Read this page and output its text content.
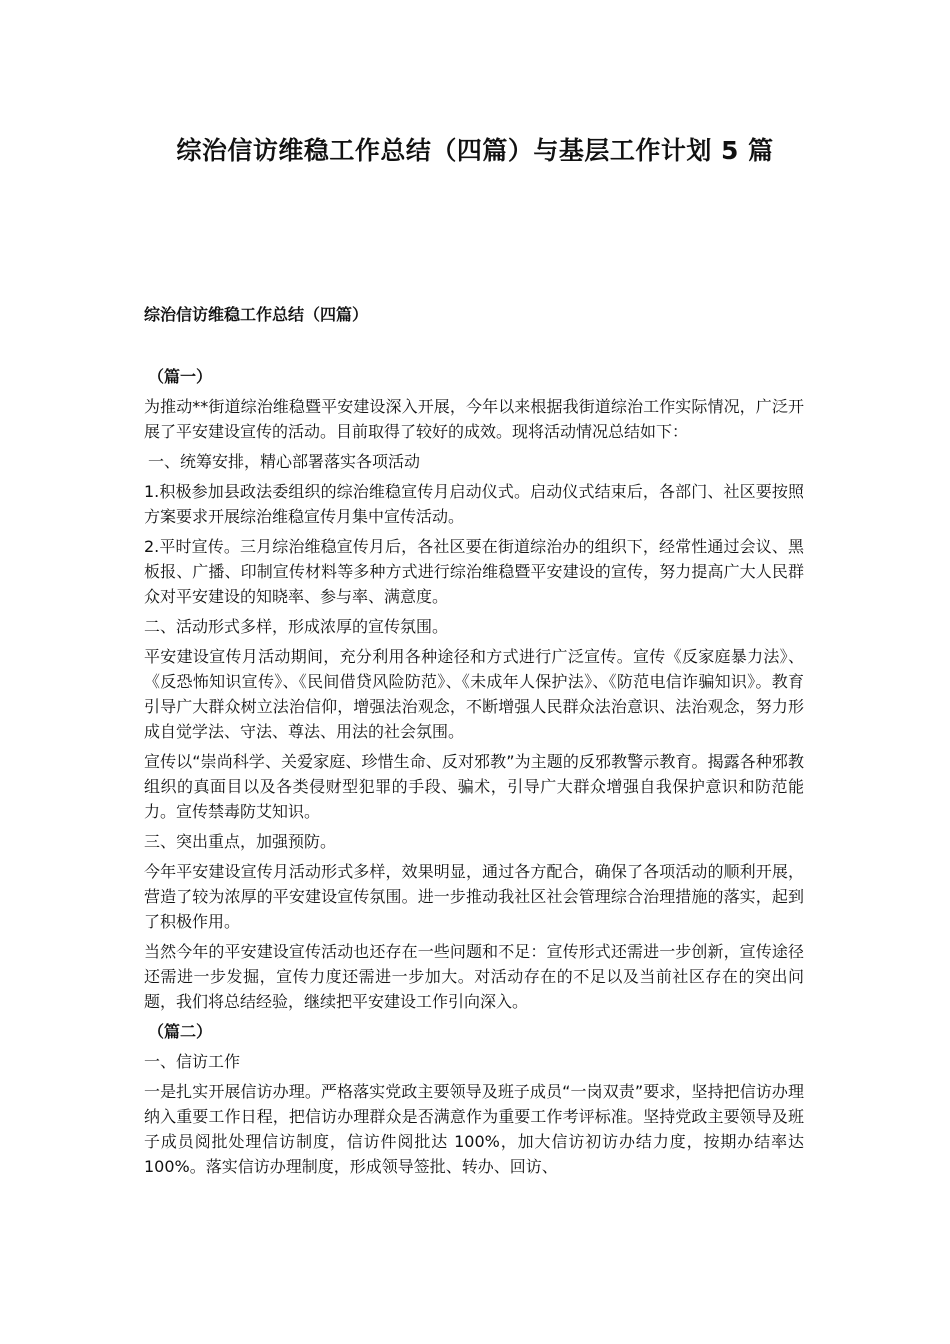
综治信访维稳工作总结（四篇）与基层工作计划 5 篇

综治信访维稳工作总结（四篇）

（篇一）

为推动**街道综治维稳暨平安建设深入开展，今年以来根据我街道综治工作实际情况，广泛开展了平安建设宣传的活动。目前取得了较好的成效。现将活动情况总结如下：

一、统筹安排，精心部署落实各项活动

1.积极参加县政法委组织的综治维稳宣传月启动仪式。启动仪式结束后，各部门、社区要按照方案要求开展综治维稳宣传月集中宣传活动。

2.平时宣传。三月综治维稳宣传月后，各社区要在街道综治办的组织下，经常性通过会议、黑板报、广播、印制宣传材料等多种方式进行综治维稳暨平安建设的宣传，努力提高广大人民群众对平安建设的知晓率、参与率、满意度。

二、活动形式多样，形成浓厚的宣传氛围。

平安建设宣传月活动期间，充分利用各种途径和方式进行广泛宣传。宣传《反家庭暴力法》、《反恐怖知识宣传》、《民间借贷风险防范》、《未成年人保护法》、《防范电信诈骗知识》。教育引导广大群众树立法治信仰，增强法治观念，不断增强人民群众法治意识、法治观念，努力形成自觉学法、守法、尊法、用法的社会氛围。

宣传以“崇尚科学、关爱家庭、珍惜生命、反对邪教”为主题的反邪教警示教育。揭露各种邪教组织的真面目以及各类侵财型犯罪的手段、骗术，引导广大群众增强自我保护意识和防范能力。宣传禁毒防艾知识。

三、突出重点，加强预防。

今年平安建设宣传月活动形式多样，效果明显，通过各方配合，确保了各项活动的顺利开展，营造了较为浓厚的平安建设宣传氛围。进一步推动我社区社会管理综合治理措施的落实，起到了积极作用。

当然今年的平安建设宣传活动也还存在一些问题和不足：宣传形式还需进一步创新，宣传途径还需进一步发掘，宣传力度还需进一步加大。对活动存在的不足以及当前社区存在的突出问题，我们将总结经验，继续把平安建设工作引向深入。

（篇二）

一、信访工作

一是扎实开展信访办理。严格落实党政主要领导及班子成员“一岗双责”要求，坚持把信访办理纳入重要工作日程，把信访办理群众是否满意作为重要工作考评标准。坚持党政主要领导及班子成员阅批处理信访制度，信访件阅批达 100%，加大信访初访办结力度，按期办结率达 100%。落实信访办理制度，形成领导签批、转办、回访、
